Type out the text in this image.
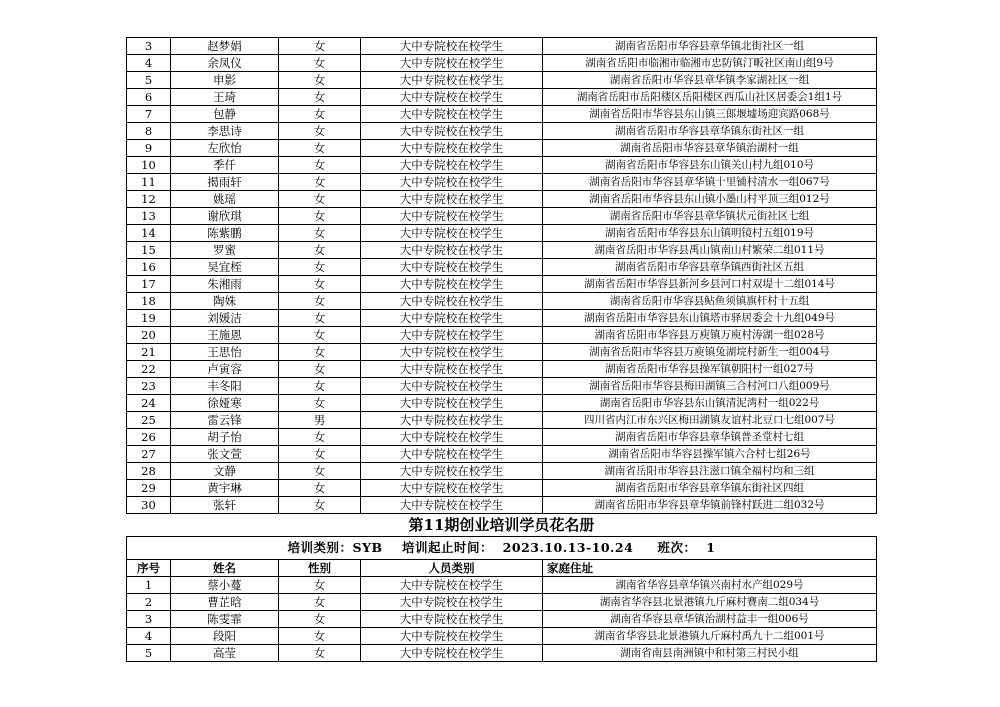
3	赵梦娟	女	大中专院校在校学生	湖南省岳阳市华容县章华镇北街社区一组
4	余凤仪	女	大中专院校在校学生	湖南省岳阳市临湘市临湘市忠防镇汀畈社区南山组9号
5	申影	女	大中专院校在校学生	湖南省岳阳市华容县章华镇李家湖社区一组
6	王琦	女	大中专院校在校学生	湖南省岳阳市岳阳楼区岳阳楼区西瓜山社区居委会1组1号
7	包静	女	大中专院校在校学生	湖南省岳阳市华容县东山镇三郎堰墟场迎宾路068号
8	李思诗	女	大中专院校在校学生	湖南省岳阳市华容县章华镇东街社区一组
9	左欣怡	女	大中专院校在校学生	湖南省岳阳市华容县章华镇治湖村一组
10	季仟	女	大中专院校在校学生	湖南省岳阳市华容县东山镇关山村九组010号
11	揭雨轩	女	大中专院校在校学生	湖南省岳阳市华容县章华镇十里铺村清水一组067号
12	姚瑶	女	大中专院校在校学生	湖南省岳阳市华容县东山镇小墨山村平顶三组012号
13	谢欣琪	女	大中专院校在校学生	湖南省岳阳市华容县章华镇状元街社区七组
14	陈紫鹏	女	大中专院校在校学生	湖南省岳阳市华容县东山镇明镜村五组019号
15	罗蜜	女	大中专院校在校学生	湖南省岳阳市华容县禹山镇南山村繁荣二组011号
16	吴宜桎	女	大中专院校在校学生	湖南省岳阳市华容县章华镇西街社区五组
17	朱湘雨	女	大中专院校在校学生	湖南省岳阳市华容县新河乡县河口村双堤十二组014号
18	陶姝	女	大中专院校在校学生	湖南省岳阳市华容县鲇鱼须镇旗杆村十五组
19	刘媛洁	女	大中专院校在校学生	湖南省岳阳市华容县东山镇塔市驿居委会十九组049号
20	王施恩	女	大中专院校在校学生	湖南省岳阳市华容县万庾镇万庾村涛湖一组028号
21	王思怡	女	大中专院校在校学生	湖南省岳阳市华容县万庾镇兔湖垸村新生一组004号
22	卢寅容	女	大中专院校在校学生	湖南省岳阳市华容县操军镇朝阳村一组027号
23	丰冬阳	女	大中专院校在校学生	湖南省岳阳市华容县梅田湖镇三合村河口八组009号
24	徐娅寒	女	大中专院校在校学生	湖南省岳阳市华容县东山镇清泥湾村一组022号
25	雷云锋	男	大中专院校在校学生	四川省内江市东兴区梅田湖镇友谊村北豆口七组007号
26	胡子怡	女	大中专院校在校学生	湖南省岳阳市华容县章华镇普圣堂村七组
27	张文萱	女	大中专院校在校学生	湖南省岳阳市华容县操军镇六合村七组26号
28	文静	女	大中专院校在校学生	湖南省岳阳市华容县注滋口镇全福村均和三组
29	黄宇琳	女	大中专院校在校学生	湖南省岳阳市华容县章华镇东街社区四组
30	张轩	女	大中专院校在校学生	湖南省岳阳市华容县章华镇前锋村跃进二组032号
第11期创业培训学员花名册				
培训类别：SYB    培训起止时间：  2023.10.13-10.24     班次：  1				
序号	姓名	性别	人员类别	家庭住址
1	蔡小蔓	女	大中专院校在校学生	湖南省华容县章华镇兴南村水产组029号
2	曹芷晗	女	大中专院校在校学生	湖南省华容县北景港镇九斤麻村賽南二组034号
3	陈雯霏	女	大中专院校在校学生	湖南省华容县章华镇治湖村益丰一组006号
4	段阳	女	大中专院校在校学生	湖南省华容县北景港镇九斤麻村禹九十二组001号
5	高莹	女	大中专院校在校学生	湖南省南县南洲镇中和村第三村民小组
